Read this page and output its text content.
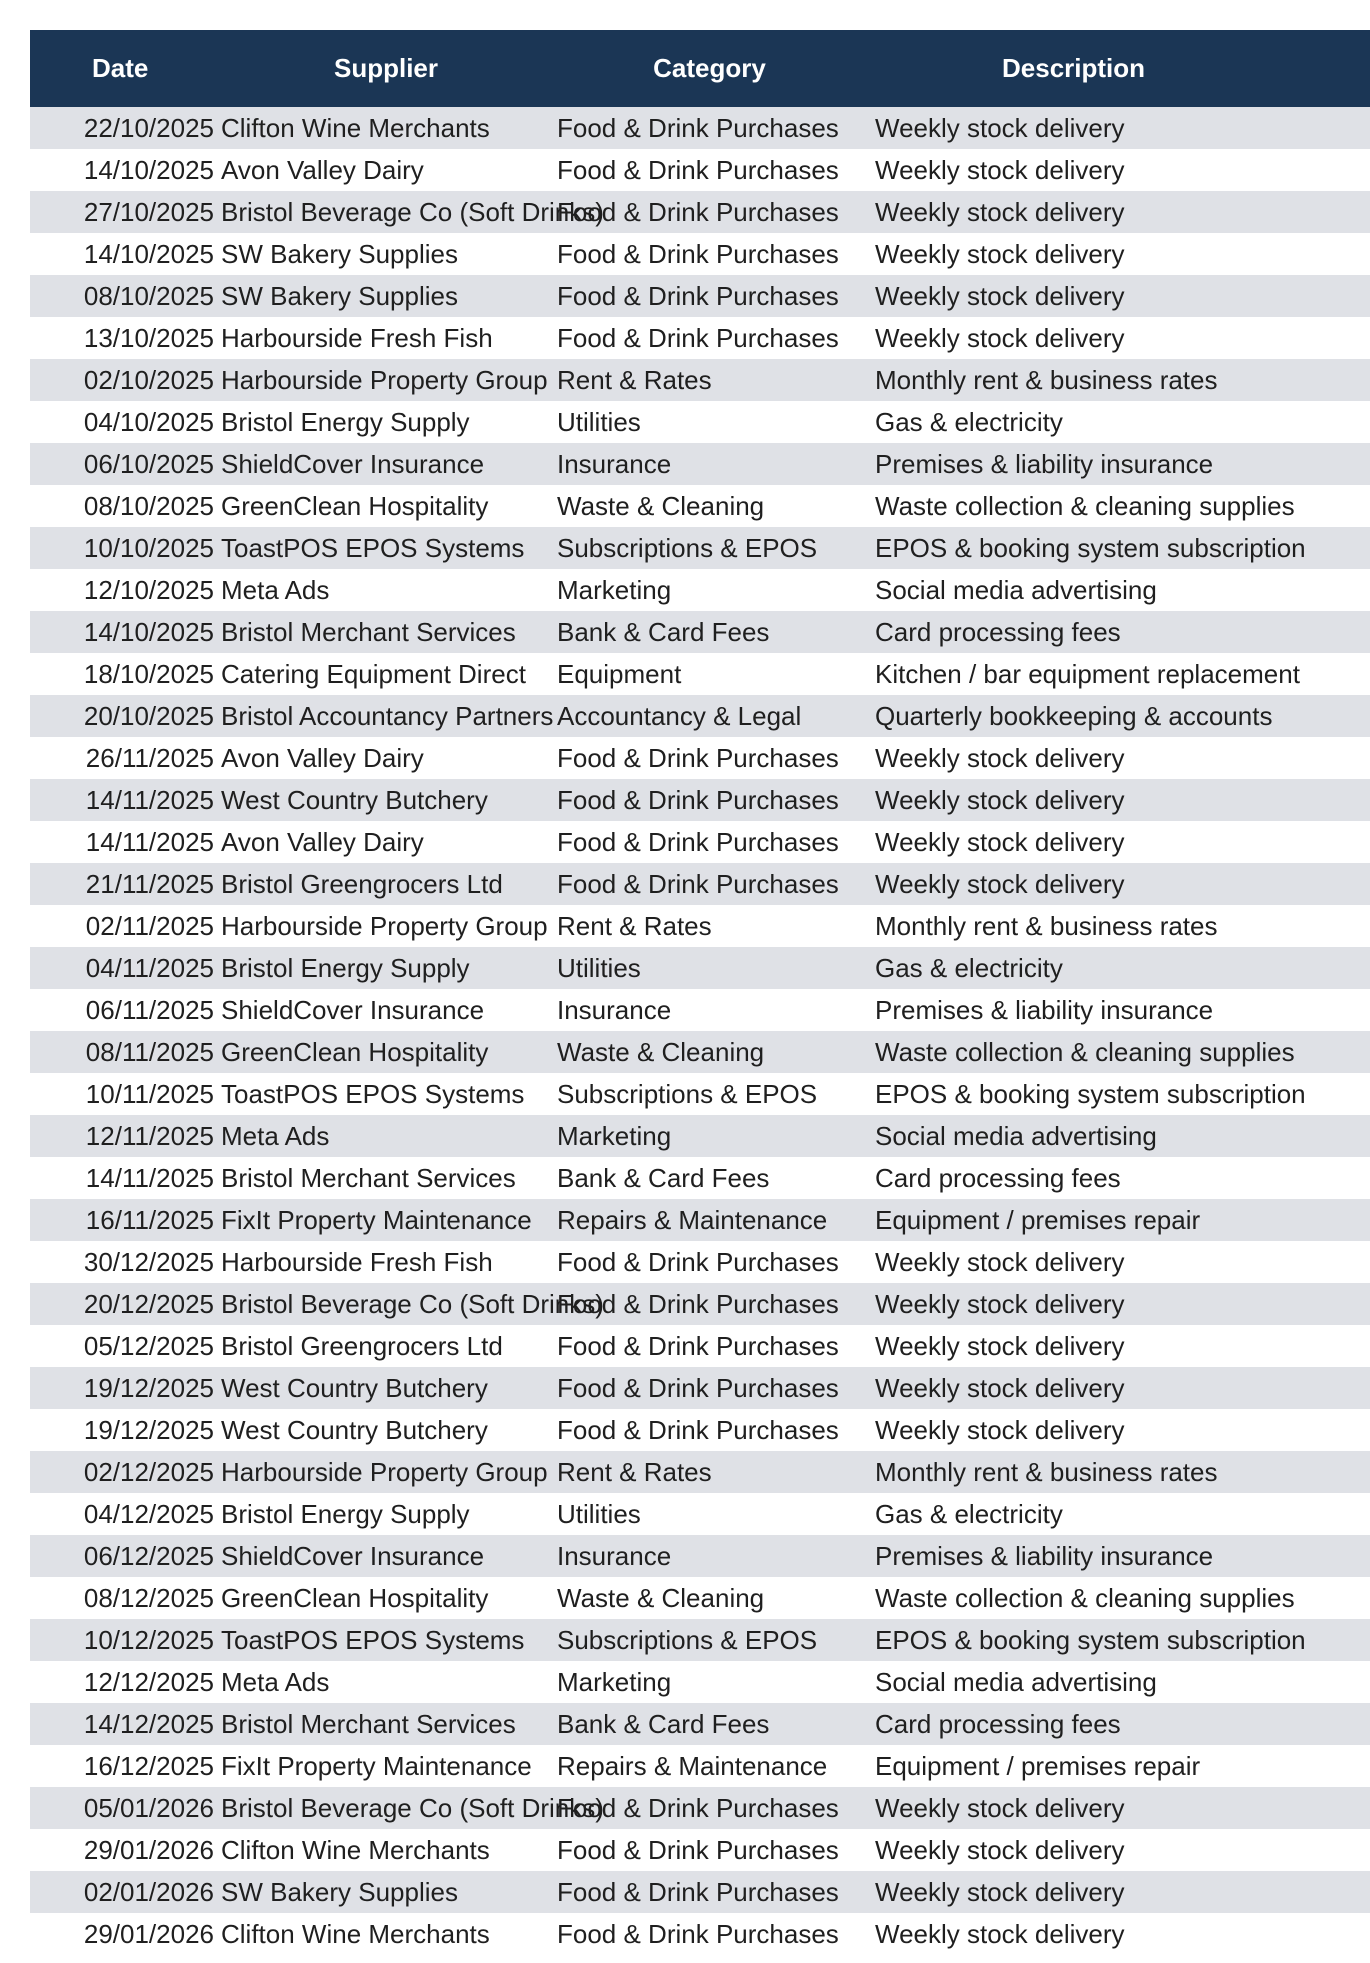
Date	Supplier	Category	Description
22/10/2025	Clifton Wine Merchants	Food & Drink Purchases	Weekly stock delivery
14/10/2025	Avon Valley Dairy	Food & Drink Purchases	Weekly stock delivery
27/10/2025	Bristol Beverage Co (Soft Drinks)	Food & Drink Purchases	Weekly stock delivery
14/10/2025	SW Bakery Supplies	Food & Drink Purchases	Weekly stock delivery
08/10/2025	SW Bakery Supplies	Food & Drink Purchases	Weekly stock delivery
13/10/2025	Harbourside Fresh Fish	Food & Drink Purchases	Weekly stock delivery
02/10/2025	Harbourside Property Group	Rent & Rates	Monthly rent & business rates
04/10/2025	Bristol Energy Supply	Utilities	Gas & electricity
06/10/2025	ShieldCover Insurance	Insurance	Premises & liability insurance
08/10/2025	GreenClean Hospitality	Waste & Cleaning	Waste collection & cleaning supplies
10/10/2025	ToastPOS EPOS Systems	Subscriptions & EPOS	EPOS & booking system subscription
12/10/2025	Meta Ads	Marketing	Social media advertising
14/10/2025	Bristol Merchant Services	Bank & Card Fees	Card processing fees
18/10/2025	Catering Equipment Direct	Equipment	Kitchen / bar equipment replacement
20/10/2025	Bristol Accountancy Partners	Accountancy & Legal	Quarterly bookkeeping & accounts
26/11/2025	Avon Valley Dairy	Food & Drink Purchases	Weekly stock delivery
14/11/2025	West Country Butchery	Food & Drink Purchases	Weekly stock delivery
14/11/2025	Avon Valley Dairy	Food & Drink Purchases	Weekly stock delivery
21/11/2025	Bristol Greengrocers Ltd	Food & Drink Purchases	Weekly stock delivery
02/11/2025	Harbourside Property Group	Rent & Rates	Monthly rent & business rates
04/11/2025	Bristol Energy Supply	Utilities	Gas & electricity
06/11/2025	ShieldCover Insurance	Insurance	Premises & liability insurance
08/11/2025	GreenClean Hospitality	Waste & Cleaning	Waste collection & cleaning supplies
10/11/2025	ToastPOS EPOS Systems	Subscriptions & EPOS	EPOS & booking system subscription
12/11/2025	Meta Ads	Marketing	Social media advertising
14/11/2025	Bristol Merchant Services	Bank & Card Fees	Card processing fees
16/11/2025	FixIt Property Maintenance	Repairs & Maintenance	Equipment / premises repair
30/12/2025	Harbourside Fresh Fish	Food & Drink Purchases	Weekly stock delivery
20/12/2025	Bristol Beverage Co (Soft Drinks)	Food & Drink Purchases	Weekly stock delivery
05/12/2025	Bristol Greengrocers Ltd	Food & Drink Purchases	Weekly stock delivery
19/12/2025	West Country Butchery	Food & Drink Purchases	Weekly stock delivery
19/12/2025	West Country Butchery	Food & Drink Purchases	Weekly stock delivery
02/12/2025	Harbourside Property Group	Rent & Rates	Monthly rent & business rates
04/12/2025	Bristol Energy Supply	Utilities	Gas & electricity
06/12/2025	ShieldCover Insurance	Insurance	Premises & liability insurance
08/12/2025	GreenClean Hospitality	Waste & Cleaning	Waste collection & cleaning supplies
10/12/2025	ToastPOS EPOS Systems	Subscriptions & EPOS	EPOS & booking system subscription
12/12/2025	Meta Ads	Marketing	Social media advertising
14/12/2025	Bristol Merchant Services	Bank & Card Fees	Card processing fees
16/12/2025	FixIt Property Maintenance	Repairs & Maintenance	Equipment / premises repair
05/01/2026	Bristol Beverage Co (Soft Drinks)	Food & Drink Purchases	Weekly stock delivery
29/01/2026	Clifton Wine Merchants	Food & Drink Purchases	Weekly stock delivery
02/01/2026	SW Bakery Supplies	Food & Drink Purchases	Weekly stock delivery
29/01/2026	Clifton Wine Merchants	Food & Drink Purchases	Weekly stock delivery
